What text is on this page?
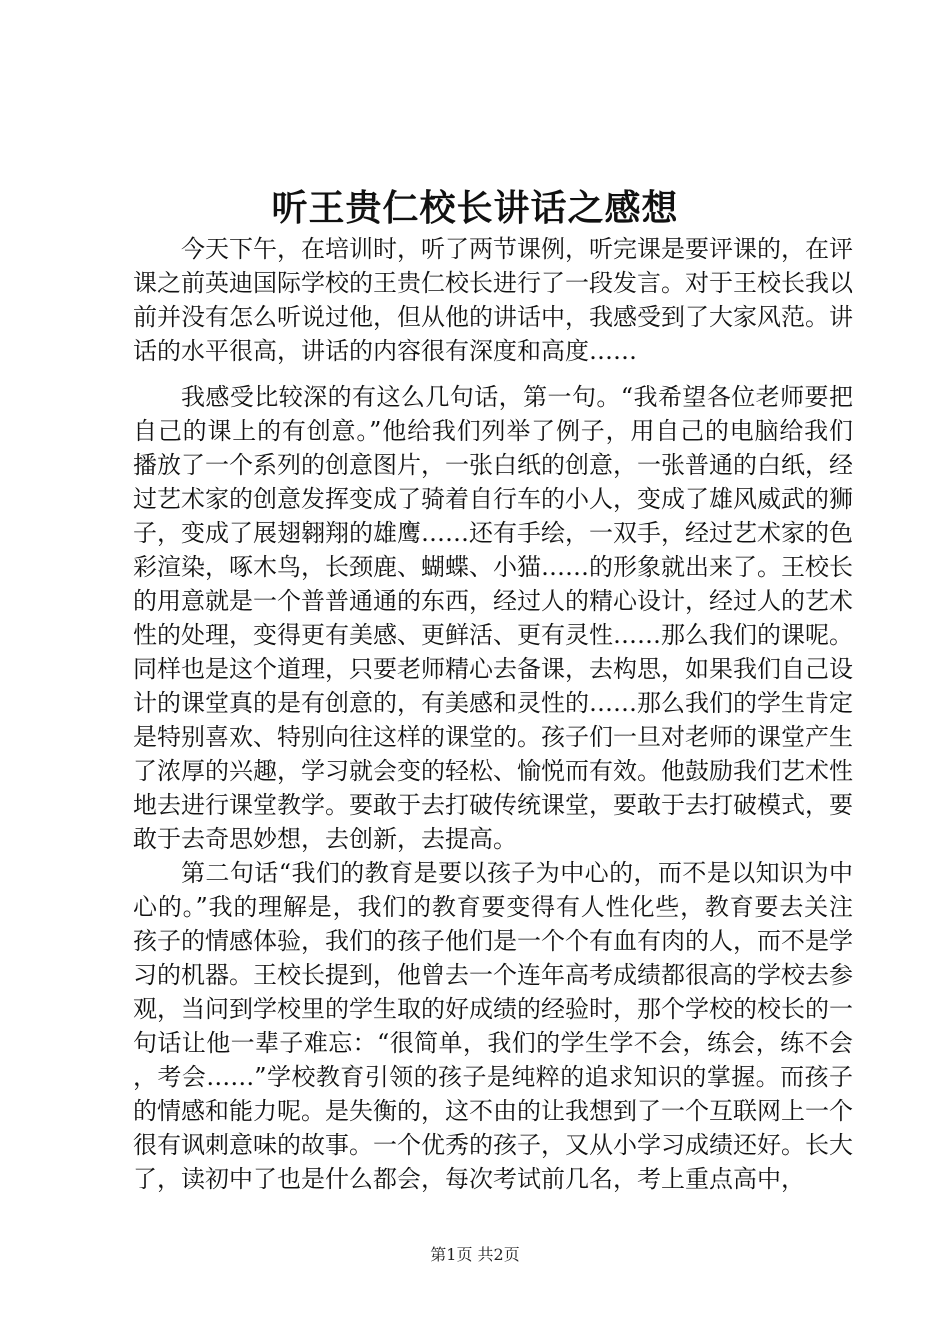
听王贵仁校长讲话之感想

今天下午，在培训时，听了两节课例，听完课是要评课的，在评课之前英迪国际学校的王贵仁校长进行了一段发言。对于王校长我以前并没有怎么听说过他，但从他的讲话中，我感受到了大家风范。讲话的水平很高，讲话的内容很有深度和高度……

我感受比较深的有这么几句话，第一句。“我希望各位老师要把自己的课上的有创意。”他给我们列举了例子，用自己的电脑给我们播放了一个系列的创意图片，一张白纸的创意，一张普通的白纸，经过艺术家的创意发挥变成了骑着自行车的小人，变成了雄风威武的狮子，变成了展翅翱翔的雄鹰……还有手绘，一双手，经过艺术家的色彩渲染，啄木鸟，长颈鹿、蝴蝶、小猫……的形象就出来了。王校长的用意就是一个普普通通的东西，经过人的精心设计，经过人的艺术性的处理，变得更有美感、更鲜活、更有灵性……那么我们的课呢。同样也是这个道理，只要老师精心去备课，去构思，如果我们自己设计的课堂真的是有创意的，有美感和灵性的……那么我们的学生肯定是特别喜欢、特别向往这样的课堂的。孩子们一旦对老师的课堂产生了浓厚的兴趣，学习就会变的轻松、愉悦而有效。他鼓励我们艺术性地去进行课堂教学。要敢于去打破传统课堂，要敢于去打破模式，要敢于去奇思妙想，去创新，去提高。

第二句话“我们的教育是要以孩子为中心的，而不是以知识为中心的。”我的理解是，我们的教育要变得有人性化些，教育要去关注孩子的情感体验，我们的孩子他们是一个个有血有肉的人，而不是学习的机器。王校长提到，他曾去一个连年高考成绩都很高的学校去参观，当问到学校里的学生取的好成绩的经验时，那个学校的校长的一句话让他一辈子难忘：“很简单，我们的学生学不会，练会，练不会，考会……”学校教育引领的孩子是纯粹的追求知识的掌握。而孩子的情感和能力呢。是失衡的，这不由的让我想到了一个互联网上一个很有讽刺意味的故事。一个优秀的孩子，又从小学习成绩还好。长大了，读初中了也是什么都会，每次考试前几名，考上重点高中，

第1页 共2页
